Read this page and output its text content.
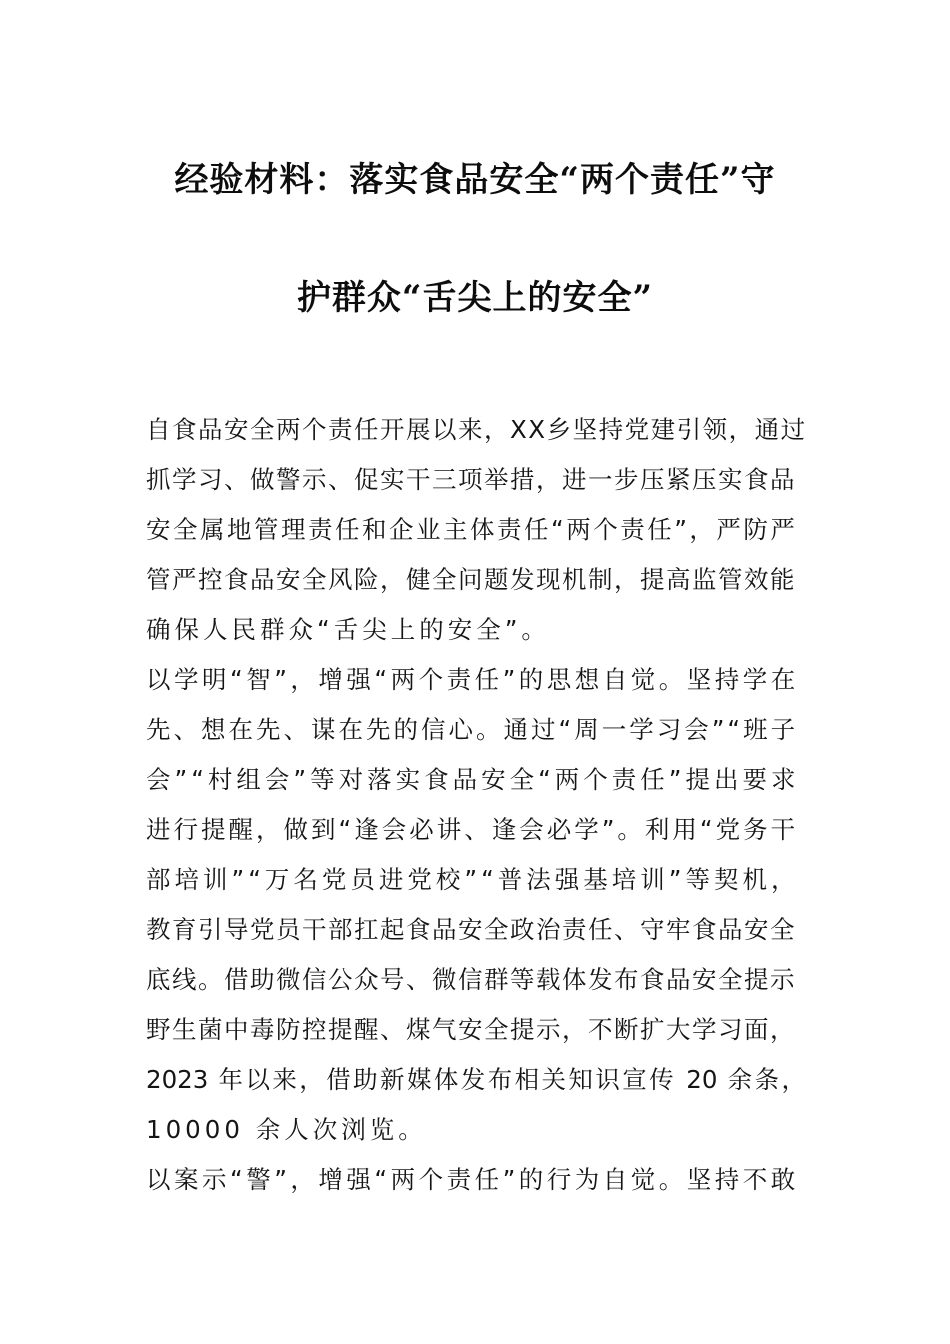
经验材料：落实食品安全“两个责任”守
护群众“舌尖上的安全”
自食品安全两个责任开展以来，XX乡坚持党建引领，通过
抓学习、做警示、促实干三项举措，进一步压紧压实食品
安全属地管理责任和企业主体责任“两个责任”，严防严
管严控食品安全风险，健全问题发现机制，提高监管效能
确保人民群众“舌尖上的安全”。
以学明“智”，增强“两个责任”的思想自觉。坚持学在
先、想在先、谋在先的信心。通过“周一学习会”“班子
会”“村组会”等对落实食品安全“两个责任”提出要求
进行提醒，做到“逢会必讲、逢会必学”。利用“党务干
部培训”“万名党员进党校”“普法强基培训”等契机，
教育引导党员干部扛起食品安全政治责任、守牢食品安全
底线。借助微信公众号、微信群等载体发布食品安全提示
野生菌中毒防控提醒、煤气安全提示，不断扩大学习面，
2023 年以来，借助新媒体发布相关知识宣传 20 余条，
10000 余人次浏览。
以案示“警”，增强“两个责任”的行为自觉。坚持不敢
